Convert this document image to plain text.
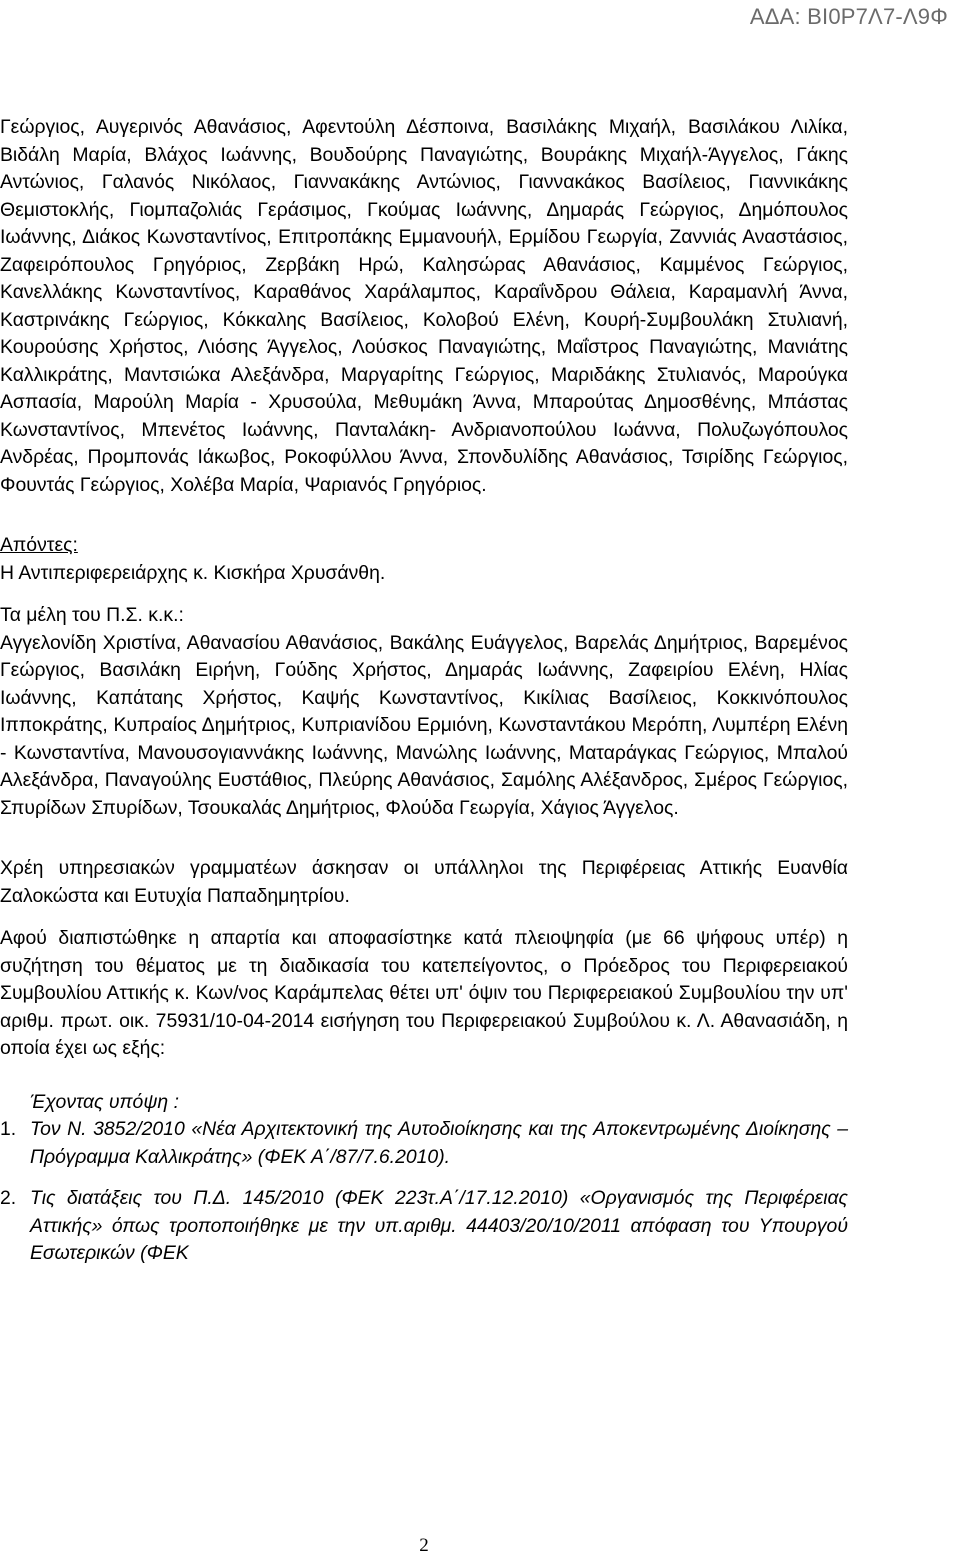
ΑΔΑ: ΒΙ0Ρ7Λ7-Λ9Φ

Γεώργιος, Αυγερινός Αθανάσιος, Αφεντούλη Δέσποινα, Βασιλάκης Μιχαήλ, Βασιλάκου Λιλίκα, Βιδάλη Μαρία, Βλάχος Ιωάννης, Βουδούρης Παναγιώτης, Βουράκης Μιχαήλ-Άγγελος, Γάκης Αντώνιος, Γαλανός Νικόλαος, Γιαννακάκης Αντώνιος, Γιαννακάκος Βασίλειος, Γιαννικάκης Θεμιστοκλής, Γιομπαζολιάς Γεράσιμος, Γκούμας Ιωάννης, Δημαράς Γεώργιος, Δημόπουλος Ιωάννης, Διάκος Κωνσταντίνος, Επιτροπάκης Εμμανουήλ, Ερμίδου Γεωργία, Ζαννιάς Αναστάσιος, Ζαφειρόπουλος Γρηγόριος, Ζερβάκη Ηρώ, Καλησώρας Αθανάσιος, Καμμένος Γεώργιος, Κανελλάκης Κωνσταντίνος, Καραθάνος Χαράλαμπος, Καραΐνδρου Θάλεια, Καραμανλή Άννα, Καστρινάκης Γεώργιος, Κόκκαλης Βασίλειος, Κολοβού Ελένη, Κουρή-Συμβουλάκη Στυλιανή, Κουρούσης Χρήστος, Λιόσης Άγγελος, Λούσκος Παναγιώτης, Μαΐστρος Παναγιώτης, Μανιάτης Καλλικράτης, Μαντσιώκα Αλεξάνδρα, Μαργαρίτης Γεώργιος, Μαριδάκης Στυλιανός, Μαρούγκα Ασπασία, Μαρούλη Μαρία - Χρυσούλα, Μεθυμάκη Άννα, Μπαρούτας Δημοσθένης, Μπάστας Κωνσταντίνος, Μπενέτος Ιωάννης, Πανταλάκη- Ανδριανοπούλου Ιωάννα, Πολυζωγόπουλος Ανδρέας, Προμπονάς Ιάκωβος, Ροκοφύλλου Άννα, Σπονδυλίδης Αθανάσιος, Τσιρίδης Γεώργιος, Φουντάς Γεώργιος, Χολέβα Μαρία, Ψαριανός Γρηγόριος.

Απόντες:
Η Αντιπεριφερειάρχης κ. Κισκήρα Χρυσάνθη.
Τα μέλη του Π.Σ. κ.κ.:

Αγγελονίδη Χριστίνα, Αθανασίου Αθανάσιος, Βακάλης Ευάγγελος, Βαρελάς Δημήτριος, Βαρεμένος Γεώργιος, Βασιλάκη Ειρήνη, Γούδης Χρήστος, Δημαράς Ιωάννης, Ζαφειρίου Ελένη, Ηλίας Ιωάννης, Καπάταης Χρήστος, Καψής Κωνσταντίνος, Κικίλιας Βασίλειος, Κοκκινόπουλος Ιπποκράτης, Κυπραίος Δημήτριος, Κυπριανίδου Ερμιόνη, Κωνσταντάκου Μερόπη, Λυμπέρη Ελένη - Κωνσταντίνα, Μανουσογιαννάκης Ιωάννης, Μανώλης Ιωάννης, Ματαράγκας Γεώργιος, Μπαλού Αλεξάνδρα, Παναγούλης Ευστάθιος, Πλεύρης Αθανάσιος, Σαμόλης Αλέξανδρος, Σμέρος Γεώργιος, Σπυρίδων Σπυρίδων, Τσουκαλάς Δημήτριος, Φλούδα Γεωργία, Χάγιος Άγγελος.

Χρέη υπηρεσιακών γραμματέων άσκησαν οι υπάλληλοι της Περιφέρειας Αττικής Ευανθία Ζαλοκώστα και Ευτυχία Παπαδημητρίου.

Αφού διαπιστώθηκε η απαρτία και αποφασίστηκε κατά πλειοψηφία (με 66 ψήφους υπέρ) η συζήτηση του θέματος με τη διαδικασία του κατεπείγοντος, ο Πρόεδρος του Περιφερειακού Συμβουλίου Αττικής κ. Κων/νος Καράμπελας θέτει υπ' όψιν του Περιφερειακού Συμβουλίου την υπ' αριθμ. πρωτ. οικ. 75931/10-04-2014 εισήγηση του Περιφερειακού Συμβούλου κ. Λ. Αθανασιάδη, η οποία έχει ως εξής:

Έχοντας υπόψη :
1. Τον Ν. 3852/2010 «Νέα Αρχιτεκτονική της Αυτοδιοίκησης και της Αποκεντρωμένης Διοίκησης – Πρόγραμμα Καλλικράτης» (ΦΕΚ Α΄/87/7.6.2010).
2. Τις διατάξεις του Π.Δ. 145/2010 (ΦΕΚ 223τ.Α΄/17.12.2010) «Οργανισμός της Περιφέρειας Αττικής» όπως τροποποιήθηκε με την υπ.αριθμ. 44403/20/10/2011 απόφαση του Υπουργού Εσωτερικών (ΦΕΚ
2
